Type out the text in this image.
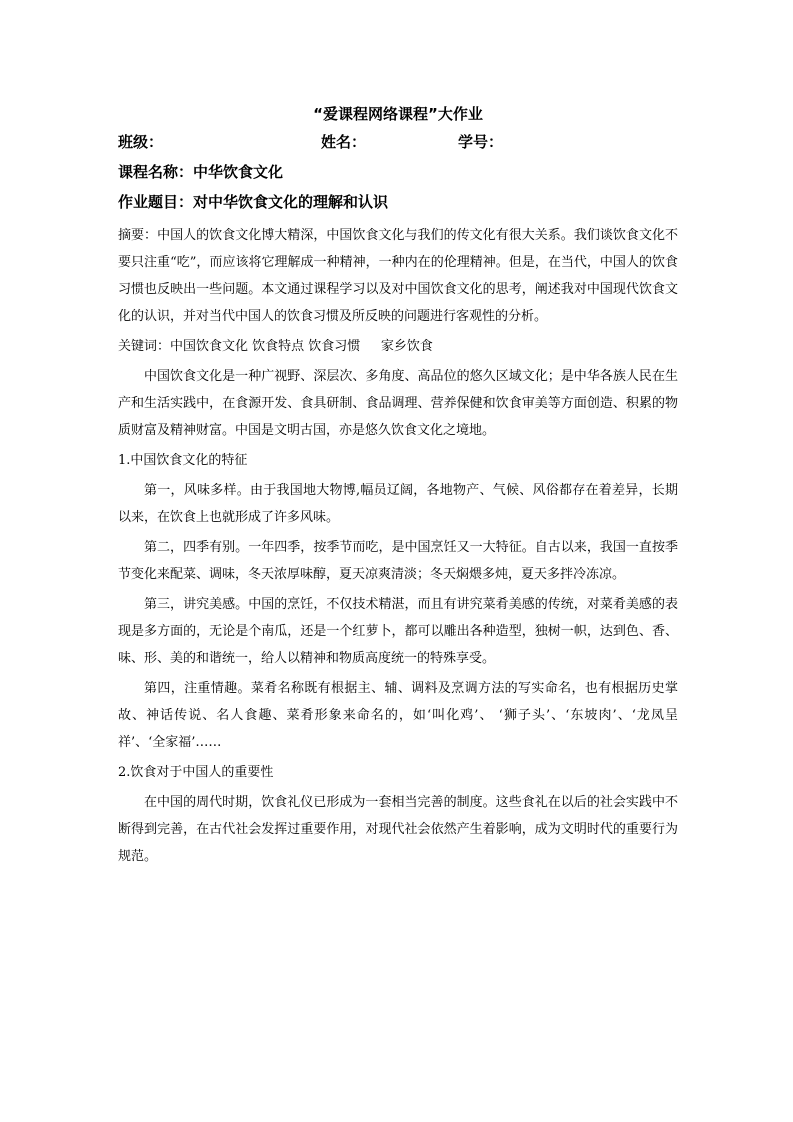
“爱课程网络课程”大作业
班级：	姓名：	学号：
课程名称：中华饮食文化
作业题目：对中华饮食文化的理解和认识

摘要：中国人的饮食文化博大精深，中国饮食文化与我们的传文化有很大关系。我们谈饮食文化不要只注重“吃”，而应该将它理解成一种精神，一种内在的伦理精神。但是，在当代，中国人的饮食习惯也反映出一些问题。本文通过课程学习以及对中国饮食文化的思考，阐述我对中国现代饮食文化的认识，并对当代中国人的饮食习惯及所反映的问题进行客观性的分析。

关键词：中国饮食文化 饮食特点 饮食习惯     家乡饮食

中国饮食文化是一种广视野、深层次、多角度、高品位的悠久区域文化；是中华各族人民在生产和生活实践中，在食源开发、食具研制、食品调理、营养保健和饮食审美等方面创造、积累的物质财富及精神财富。中国是文明古国，亦是悠久饮食文化之境地。

1.中国饮食文化的特征

第一，风味多样。由于我国地大物博,幅员辽阔，各地物产、气候、风俗都存在着差异，长期以来，在饮食上也就形成了许多风味。

第二，四季有别。一年四季，按季节而吃，是中国烹饪又一大特征。自古以来，我国一直按季节变化来配菜、调味，冬天浓厚味醇，夏天凉爽清淡；冬天焖煨多炖，夏天多拌冷冻凉。

第三，讲究美感。中国的烹饪，不仅技术精湛，而且有讲究菜肴美感的传统，对菜肴美感的表现是多方面的，无论是个南瓜，还是一个红萝卜，都可以雕出各种造型，独树一帜，达到色、香、味、形、美的和谐统一，给人以精神和物质高度统一的特殊享受。

第四，注重情趣。菜肴名称既有根据主、辅、调料及烹调方法的写实命名，也有根据历史掌故、神话传说、名人食趣、菜肴形象来命名的，如‘叫化鸡’、 ‘狮子头’、‘东坡肉’、‘龙凤呈祥’、‘全家福’……

2.饮食对于中国人的重要性

在中国的周代时期，饮食礼仪已形成为一套相当完善的制度。这些食礼在以后的社会实践中不断得到完善，在古代社会发挥过重要作用，对现代社会依然产生着影响，成为文明时代的重要行为规范。
